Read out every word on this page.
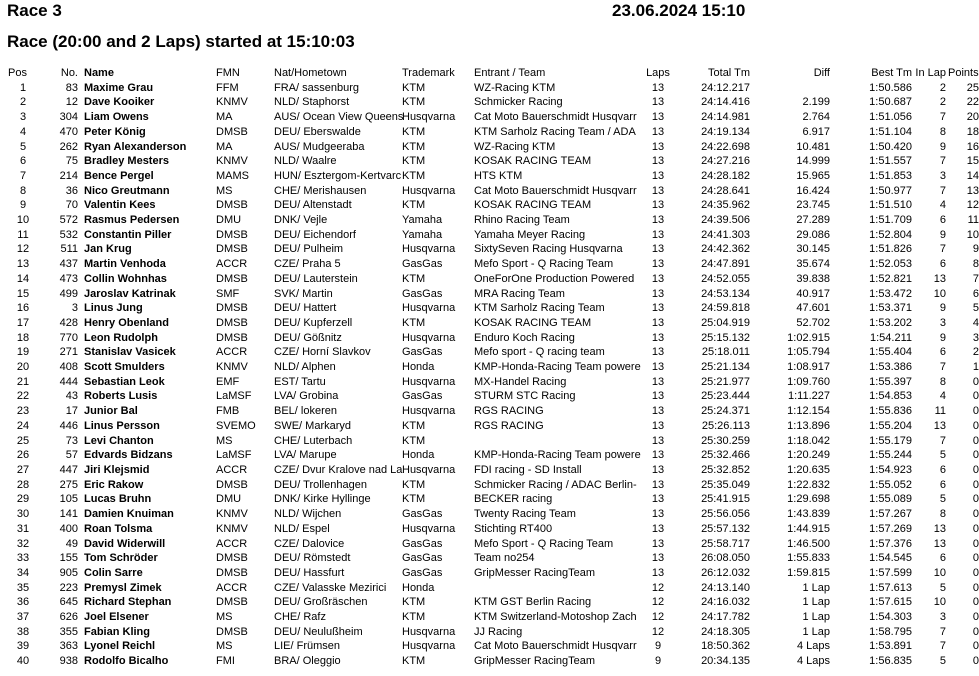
Race 3	23.06.2024 15:10
Race (20:00 and 2 Laps) started at 15:10:03
Pos	No.	Name	FMN	Nat/Hometown	Trademark	Entrant / Team	Laps	Total Tm	Diff	Best Tm	In Lap	Points
1	83	Maxime Grau	FFM	FRA/ sassenburg	KTM	WZ-Racing KTM	13	24:12.217		1:50.586	2	25
2	12	Dave Kooiker	KNMV	NLD/ Staphorst	KTM	Schmicker Racing	13	24:14.416	2.199	1:50.687	2	22
3	304	Liam Owens	MA	AUS/ Ocean View Queens	Husqvarna	Cat Moto Bauerschmidt Husqvarr	13	24:14.981	2.764	1:51.056	7	20
4	470	Peter König	DMSB	DEU/ Eberswalde	KTM	KTM Sarholz Racing Team / ADA	13	24:19.134	6.917	1:51.104	8	18
5	262	Ryan Alexanderson	MA	AUS/ Mudgeeraba	KTM	WZ-Racing KTM	13	24:22.698	10.481	1:50.420	9	16
6	75	Bradley Mesters	KNMV	NLD/ Waalre	KTM	KOSAK RACING TEAM	13	24:27.216	14.999	1:51.557	7	15
7	214	Bence Pergel	MAMS	HUN/ Esztergom-Kertvarc	KTM	HTS KTM	13	24:28.182	15.965	1:51.853	3	14
8	36	Nico Greutmann	MS	CHE/ Merishausen	Husqvarna	Cat Moto Bauerschmidt Husqvarr	13	24:28.641	16.424	1:50.977	7	13
9	70	Valentin Kees	DMSB	DEU/ Altenstadt	KTM	KOSAK RACING TEAM	13	24:35.962	23.745	1:51.510	4	12
10	572	Rasmus Pedersen	DMU	DNK/ Vejle	Yamaha	Rhino Racing Team	13	24:39.506	27.289	1:51.709	6	11
11	532	Constantin Piller	DMSB	DEU/ Eichendorf	Yamaha	Yamaha Meyer Racing	13	24:41.303	29.086	1:52.804	9	10
12	511	Jan Krug	DMSB	DEU/ Pulheim	Husqvarna	SixtySeven Racing Husqvarna	13	24:42.362	30.145	1:51.826	7	9
13	437	Martin Venhoda	ACCR	CZE/ Praha 5	GasGas	Mefo Sport - Q Racing Team	13	24:47.891	35.674	1:52.053	6	8
14	473	Collin Wohnhas	DMSB	DEU/ Lauterstein	KTM	OneForOne Production Powered	13	24:52.055	39.838	1:52.821	13	7
15	499	Jaroslav Katrinak	SMF	SVK/ Martin	GasGas	MRA Racing Team	13	24:53.134	40.917	1:53.472	10	6
16	3	Linus Jung	DMSB	DEU/ Hattert	Husqvarna	KTM Sarholz Racing Team	13	24:59.818	47.601	1:53.371	9	5
17	428	Henry Obenland	DMSB	DEU/ Kupferzell	KTM	KOSAK RACING TEAM	13	25:04.919	52.702	1:53.202	3	4
18	770	Leon Rudolph	DMSB	DEU/ Gößnitz	Husqvarna	Enduro Koch Racing	13	25:15.132	1:02.915	1:54.211	9	3
19	271	Stanislav Vasicek	ACCR	CZE/ Horní Slavkov	GasGas	Mefo sport - Q racing team	13	25:18.011	1:05.794	1:55.404	6	2
20	408	Scott Smulders	KNMV	NLD/ Alphen	Honda	KMP-Honda-Racing Team powere	13	25:21.134	1:08.917	1:53.386	7	1
21	444	Sebastian Leok	EMF	EST/ Tartu	Husqvarna	MX-Handel Racing	13	25:21.977	1:09.760	1:55.397	8	0
22	43	Roberts Lusis	LaMSF	LVA/ Grobina	GasGas	STURM STC Racing	13	25:23.444	1:11.227	1:54.853	4	0
23	17	Junior Bal	FMB	BEL/ lokeren	Husqvarna	RGS RACING	13	25:24.371	1:12.154	1:55.836	11	0
24	446	Linus Persson	SVEMO	SWE/ Markaryd	KTM	RGS RACING	13	25:26.113	1:13.896	1:55.204	13	0
25	73	Levi Chanton	MS	CHE/ Luterbach	KTM		13	25:30.259	1:18.042	1:55.179	7	0
26	57	Edvards Bidzans	LaMSF	LVA/ Marupe	Honda	KMP-Honda-Racing Team powere	13	25:32.466	1:20.249	1:55.244	5	0
27	447	Jiri Klejsmid	ACCR	CZE/ Dvur Kralove nad La	Husqvarna	FDI racing - SD Install	13	25:32.852	1:20.635	1:54.923	6	0
28	275	Eric Rakow	DMSB	DEU/ Trollenhagen	KTM	Schmicker Racing / ADAC Berlin-	13	25:35.049	1:22.832	1:55.052	6	0
29	105	Lucas Bruhn	DMU	DNK/ Kirke Hyllinge	KTM	BECKER racing	13	25:41.915	1:29.698	1:55.089	5	0
30	141	Damien Knuiman	KNMV	NLD/ Wijchen	GasGas	Twenty Racing Team	13	25:56.056	1:43.839	1:57.267	8	0
31	400	Roan Tolsma	KNMV	NLD/ Espel	Husqvarna	Stichting RT400	13	25:57.132	1:44.915	1:57.269	13	0
32	49	David Widerwill	ACCR	CZE/ Dalovice	GasGas	Mefo Sport - Q Racing Team	13	25:58.717	1:46.500	1:57.376	13	0
33	155	Tom Schröder	DMSB	DEU/ Römstedt	GasGas	Team no254	13	26:08.050	1:55.833	1:54.545	6	0
34	905	Colin Sarre	DMSB	DEU/ Hassfurt	GasGas	GripMesser RacingTeam	13	26:12.032	1:59.815	1:57.599	10	0
35	223	Premysl Zimek	ACCR	CZE/ Valasske Mezirici	Honda		12	24:13.140	1 Lap	1:57.613	5	0
36	645	Richard Stephan	DMSB	DEU/ Großräschen	KTM	KTM GST Berlin Racing	12	24:16.032	1 Lap	1:57.615	10	0
37	626	Joel Elsener	MS	CHE/ Rafz	KTM	KTM Switzerland-Motoshop Zach	12	24:17.782	1 Lap	1:54.303	3	0
38	355	Fabian Kling	DMSB	DEU/ Neulußheim	Husqvarna	JJ Racing	12	24:18.305	1 Lap	1:58.795	7	0
39	363	Lyonel Reichl	MS	LIE/ Frümsen	Husqvarna	Cat Moto Bauerschmidt Husqvarr	9	18:50.362	4 Laps	1:53.891	7	0
40	938	Rodolfo Bicalho	FMI	BRA/ Oleggio	KTM	GripMesser RacingTeam	9	20:34.135	4 Laps	1:56.835	5	0
